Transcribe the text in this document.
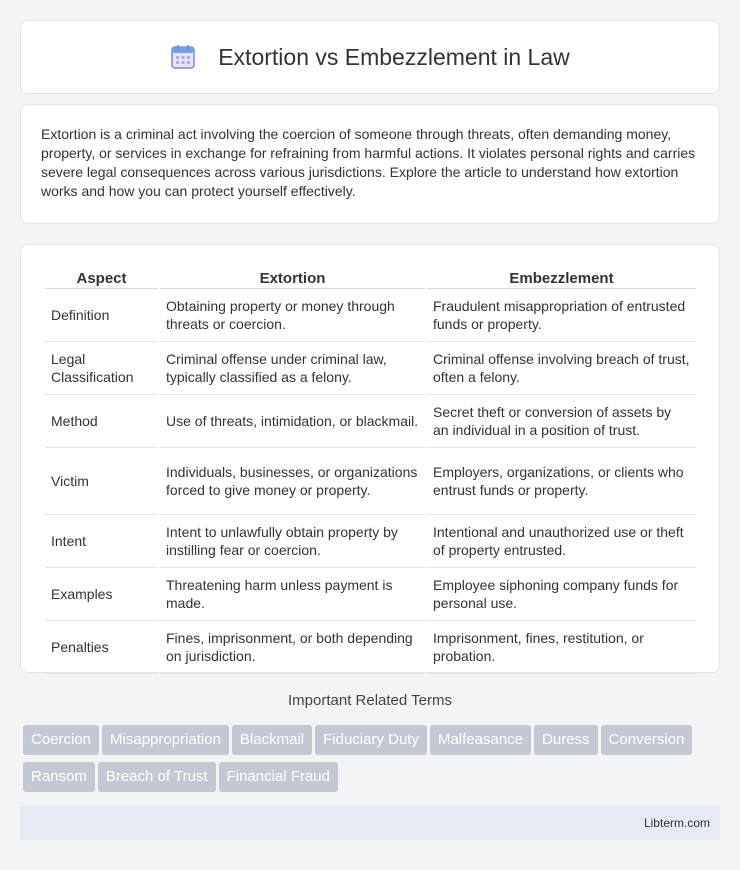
Extortion vs Embezzlement in Law

Extortion is a criminal act involving the coercion of someone through threats, often demanding money, property, or services in exchange for refraining from harmful actions. It violates personal rights and carries severe legal consequences across various jurisdictions. Explore the article to understand how extortion works and how you can protect yourself effectively.

Aspect	Extortion	Embezzlement
Definition	Obtaining property or money through threats or coercion.	Fraudulent misappropriation of entrusted funds or property.
Legal Classification	Criminal offense under criminal law, typically classified as a felony.	Criminal offense involving breach of trust, often a felony.
Method	Use of threats, intimidation, or blackmail.	Secret theft or conversion of assets by an individual in a position of trust.
Victim	Individuals, businesses, or organizations forced to give money or property.	Employers, organizations, or clients who entrust funds or property.
Intent	Intent to unlawfully obtain property by instilling fear or coercion.	Intentional and unauthorized use or theft of property entrusted.
Examples	Threatening harm unless payment is made.	Employee siphoning company funds for personal use.
Penalties	Fines, imprisonment, or both depending on jurisdiction.	Imprisonment, fines, restitution, or probation.
Important Related Terms
Coercion Misappropriation Blackmail Fiduciary Duty Malfeasance Duress ConversionRansom Breach of Trust Financial Fraud
Libterm.com
